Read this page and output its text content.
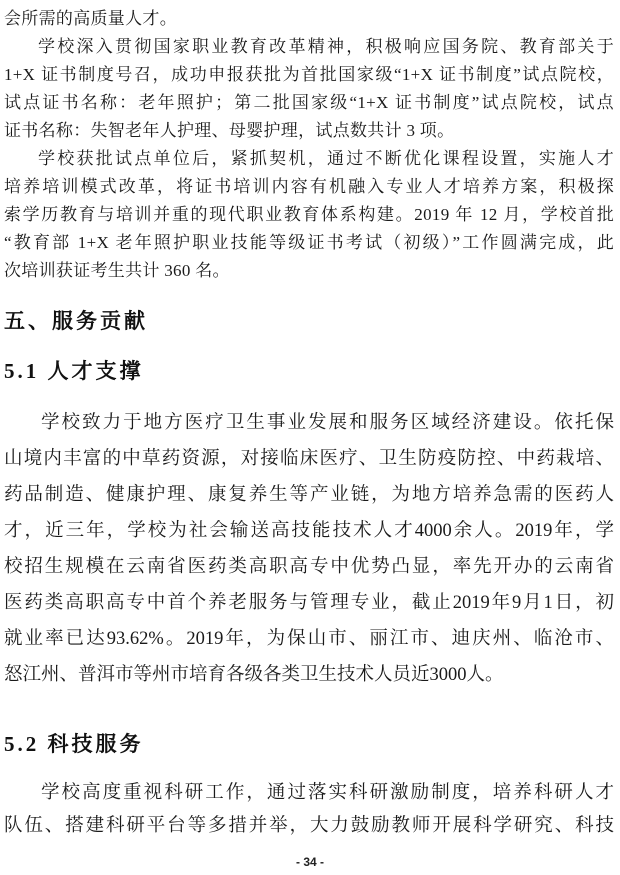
会所需的高质量人才。
学校深入贯彻国家职业教育改革精神，积极响应国务院、教育部关于
1+X 证书制度号召，成功申报获批为首批国家级“1+X 证书制度”试点院校，
试点证书名称：老年照护；第二批国家级“1+X 证书制度”试点院校，试点
证书名称：失智老年人护理、母婴护理，试点数共计 3 项。
学校获批试点单位后，紧抓契机，通过不断优化课程设置，实施人才
培养培训模式改革，将证书培训内容有机融入专业人才培养方案，积极探
索学历教育与培训并重的现代职业教育体系构建。2019 年 12 月，学校首批
“教育部 1+X 老年照护职业技能等级证书考试（初级）”工作圆满完成，此
次培训获证考生共计 360 名。
五、服务贡献
5.1 人才支撑
学校致力于地方医疗卫生事业发展和服务区域经济建设。依托保
山境内丰富的中草药资源，对接临床医疗、卫生防疫防控、中药栽培、
药品制造、健康护理、康复养生等产业链，为地方培养急需的医药人
才，近三年，学校为社会输送高技能技术人才4000余人。2019年，学
校招生规模在云南省医药类高职高专中优势凸显，率先开办的云南省
医药类高职高专中首个养老服务与管理专业，截止2019年9月1日，初
就业率已达93.62%。2019年，为保山市、丽江市、迪庆州、临沧市、
怒江州、普洱市等州市培育各级各类卫生技术人员近3000人。
5.2 科技服务
学校高度重视科研工作，通过落实科研激励制度，培养科研人才
队伍、搭建科研平台等多措并举，大力鼓励教师开展科学研究、科技
- 34 -
